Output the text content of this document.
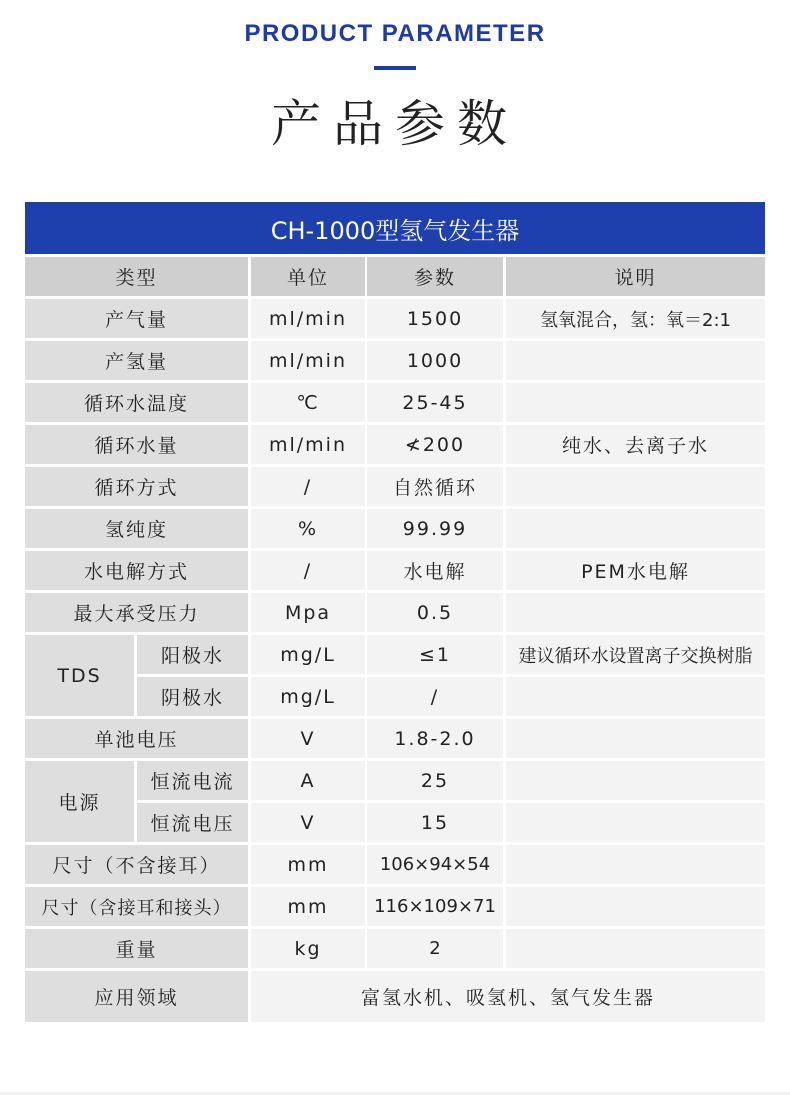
PRODUCT PARAMETER
产品参数
CH-1000型氢气发生器
类型	单位	参数	说明
产气量	ml/min	1500	氢氧混合，氢：氧＝2:1
产氢量	ml/min	1000
循环水温度	℃	25-45
循环水量	ml/min	≮200	纯水、去离子水
循环方式	/	自然循环
氢纯度	%	99.99
水电解方式	/	水电解	PEM水电解
最大承受压力	Mpa	0.5
TDS
阳极水	mg/L	≤1	建议循环水设置离子交换树脂
阴极水	mg/L	/
单池电压	V	1.8-2.0
电源
恒流电流	A	25
恒流电压	V	15
尺寸（不含接耳）	mm	106×94×54
尺寸（含接耳和接头）	mm	116×109×71
重量	kg	2
应用领域	富氢水机、吸氢机、氢气发生器
